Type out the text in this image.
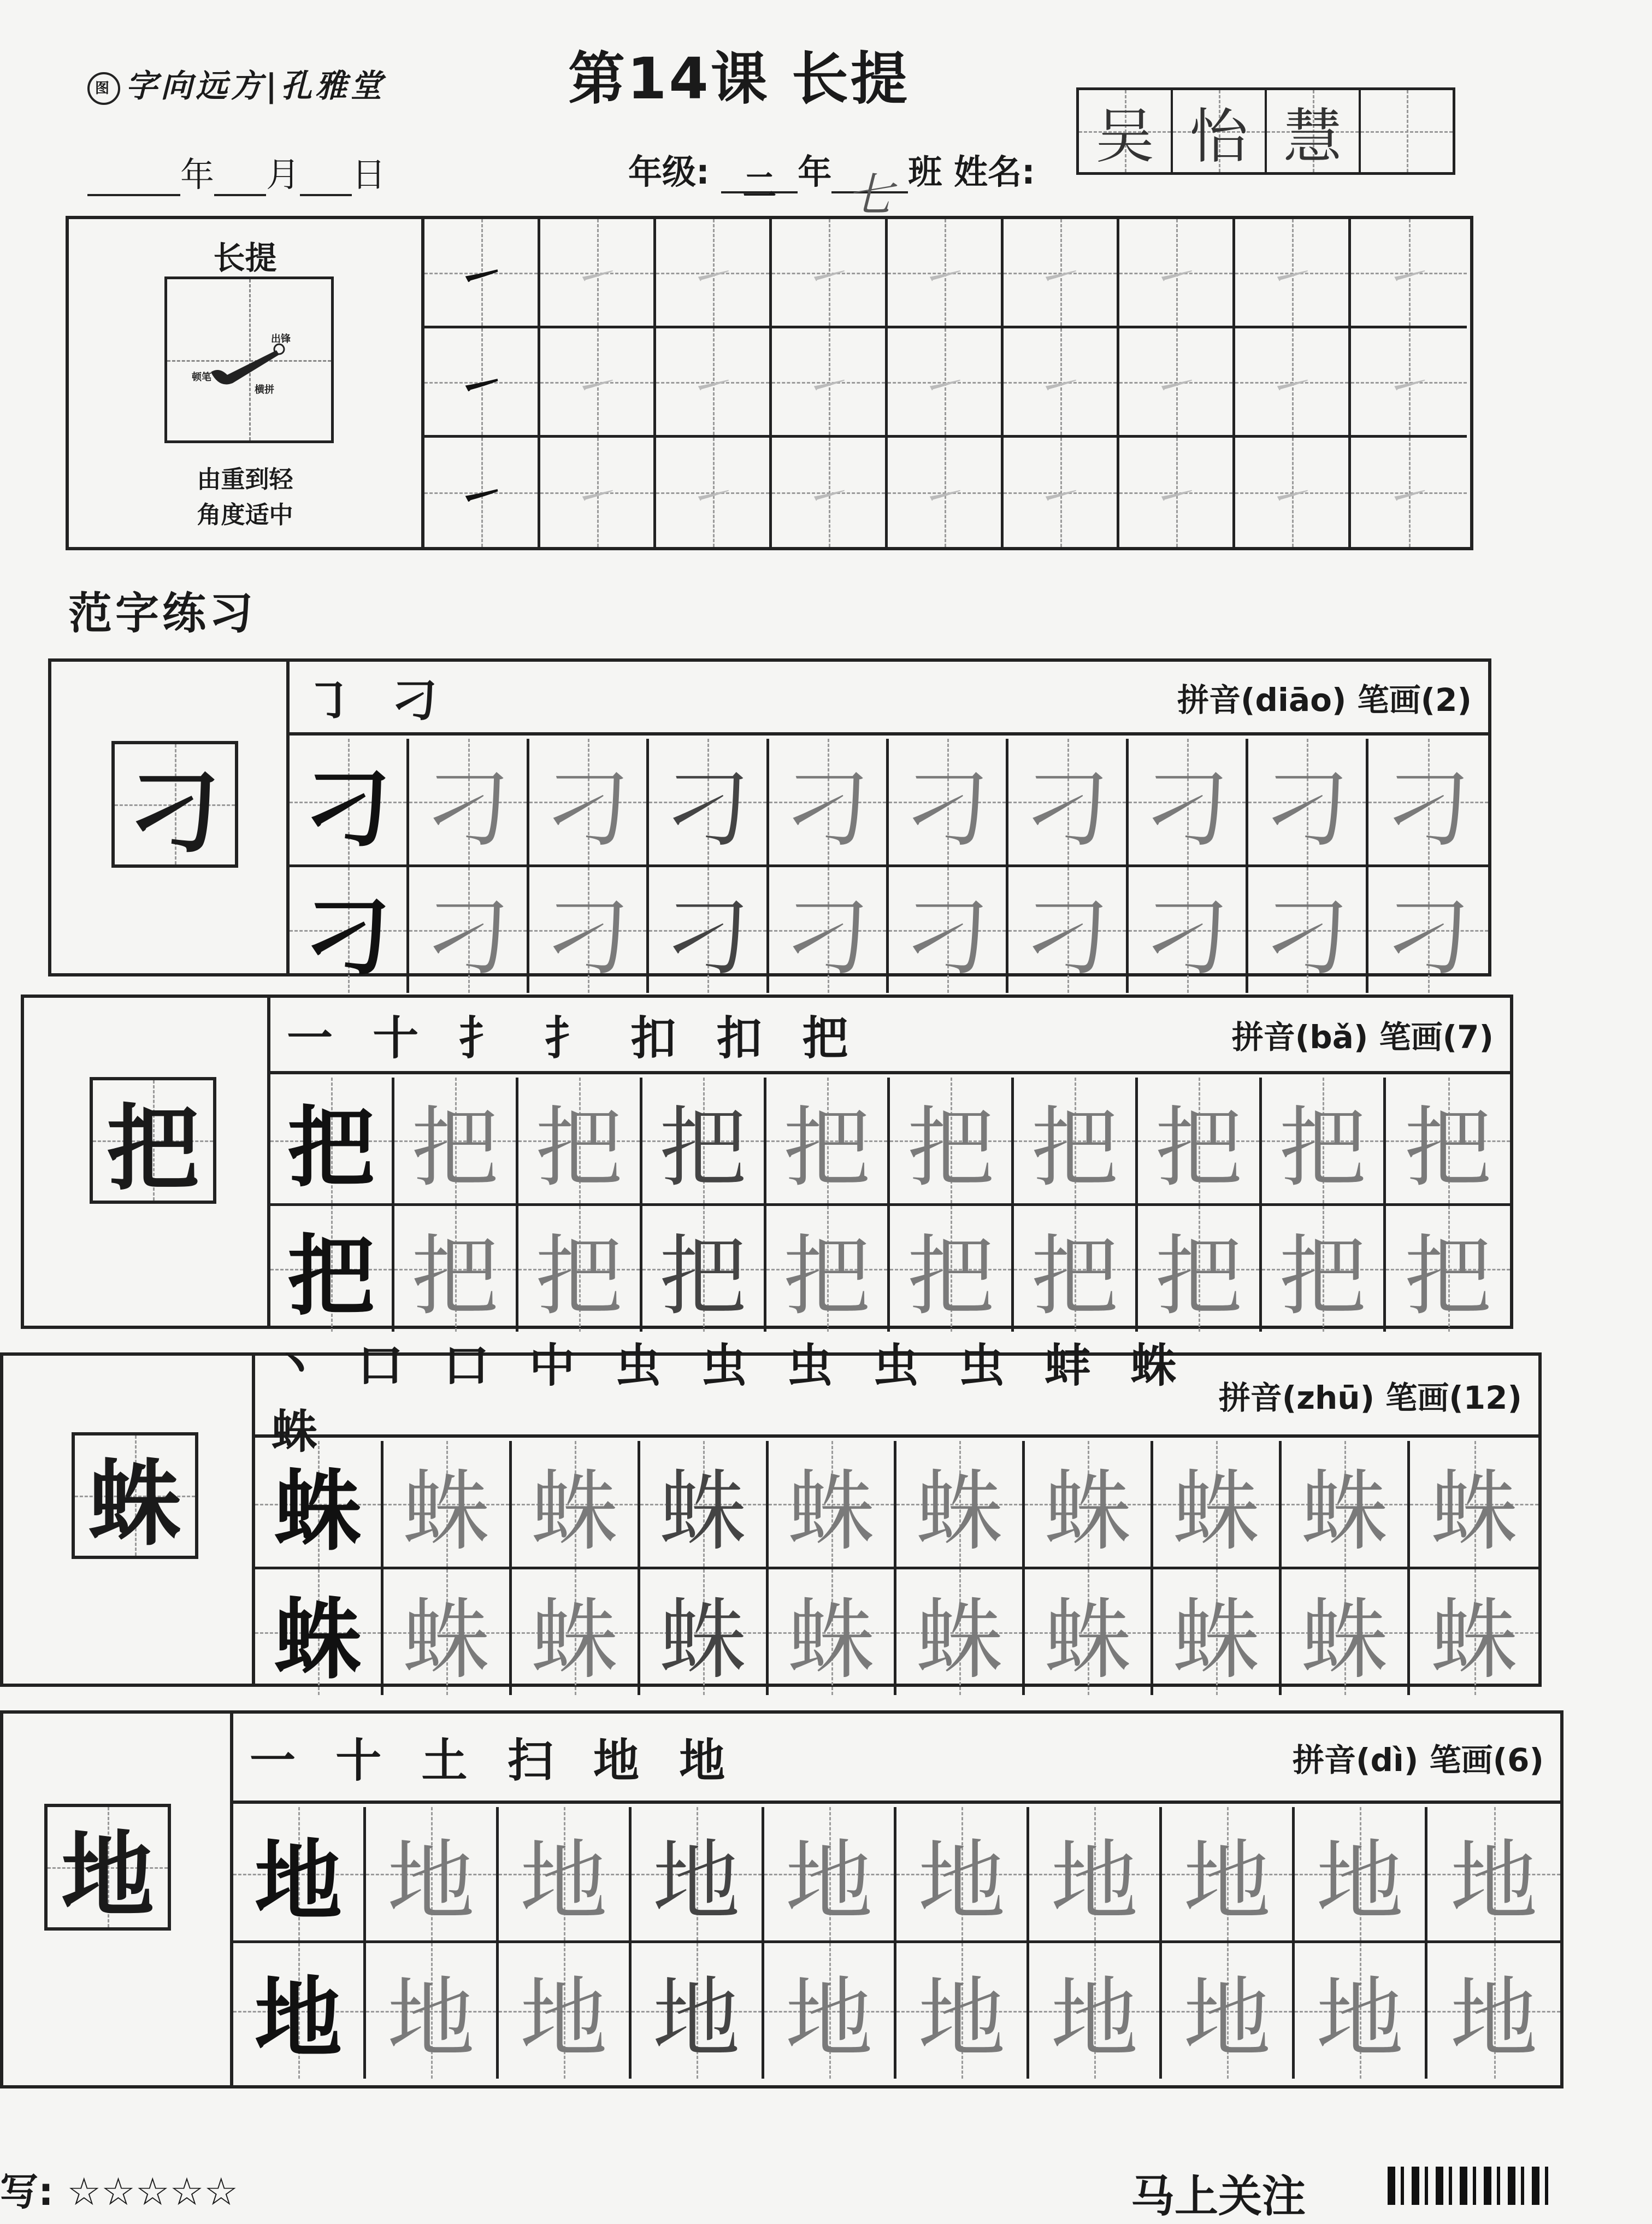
图 字向远方|孔雅堂	第14课 长提
年 月 日	年级: 二 年 七 班 姓名:
吴 怡 慧
长提
顿笔
横拼
出锋
由重到轻
角度适中
㇀ ㇀ ㇀ ㇀ ㇀ ㇀ ㇀ ㇀ ㇀
㇀ ㇀ ㇀ ㇀ ㇀ ㇀ ㇀ ㇀ ㇀
㇀ ㇀ ㇀ ㇀ ㇀ ㇀ ㇀ ㇀ ㇀
范字练习
刁
㇆ 刁	拼音(diāo) 笔画(2)
刁 刁 刁 刁 刁 刁 刁 刁 刁 刁
刁 刁 刁 刁 刁 刁 刁 刁 刁 刁
把
一 十 扌 扌 扣 扣 把	拼音(bǎ) 笔画(7)
把 把 把 把 把 把 把 把 把 把
把 把 把 把 把 把 把 把 把 把
蛛
丶 口 口 中 虫 虫 虫 虫 虫 蚌 蛛 蛛
拼音(zhū) 笔画(12)
蛛 蛛 蛛 蛛 蛛 蛛 蛛 蛛 蛛 蛛
蛛 蛛 蛛 蛛 蛛 蛛 蛛 蛛 蛛 蛛
地
一 十 土 扫 地 地	拼音(dì) 笔画(6)
地 地 地 地 地 地 地 地 地 地
地 地 地 地 地 地 地 地 地 地
写: ☆☆☆☆☆	马上关注
